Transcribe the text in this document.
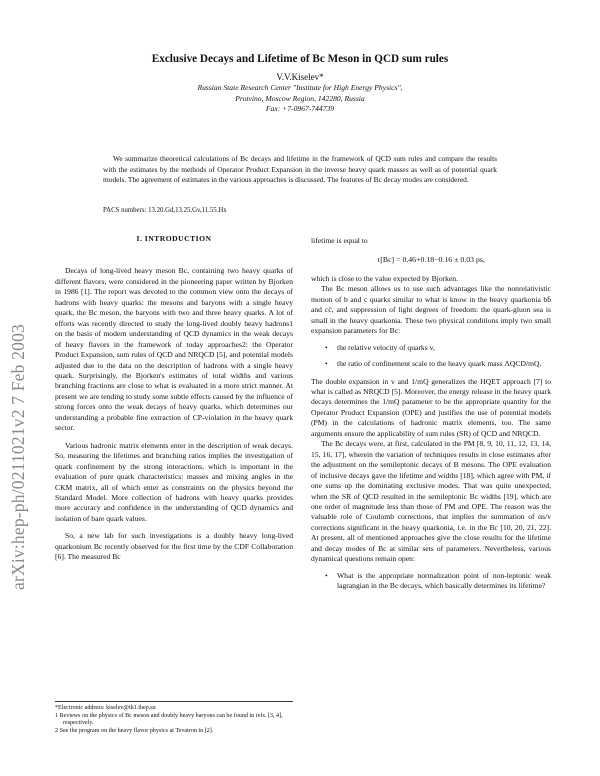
arXiv:hep-ph/0211021v2 7 Feb 2003
Exclusive Decays and Lifetime of Bc Meson in QCD sum rules
V.V.Kiselev*
Russian State Research Center "Institute for High Energy Physics",
Protvino, Moscow Region, 142280, Russia
Fax: +7-0967-744739

We summarize theoretical calculations of Bc decays and lifetime in the framework of QCD sum rules and compare the results with the estimates by the methods of Operator Product Expansion in the inverse heavy quark masses as well as of potential quark models. The agreement of estimates in the various approaches is discussed. The features of Bc decay modes are considered.

PACS numbers: 13.20.Gd,13.25.Gv,11.55.Hx
I. INTRODUCTION

Decays of long-lived heavy meson Bc, containing two heavy quarks of different flavors, were considered in the pioneering paper written by Bjorken in 1986 [1]. The report was devoted to the common view onto the decays of hadrons with heavy quarks: the mesons and baryons with a single heavy quark, the Bc meson, the baryons with two and three heavy quarks. A lot of efforts was recently directed to study the long-lived doubly heavy hadrons1 on the basis of modern understanding of QCD dynamics in the weak decays of heavy flavors in the framework of today approaches2: the Operator Product Expansion, sum rules of QCD and NRQCD [5], and potential models adjusted due to the data on the description of hadrons with a single heavy quark. Surprisingly, the Bjorken's estimates of total widths and various branching fractions are close to what is evaluated in a more strict manner. At present we are tending to study some subtle effects caused by the influence of strong forces onto the weak decays of heavy quarks, which determines our understanding a probable fine extraction of CP-violation in the heavy quark sector.

Various hadronic matrix elements enter in the description of weak decays. So, measuring the lifetimes and branching ratios implies the investigation of quark confinement by the strong interactions, which is important in the evaluation of pure quark characteristics: masses and mixing angles in the CKM matrix, all of which enter as constraints on the physics beyond the Standard Model. More collection of hadrons with heavy quarks provides more accuracy and confidence in the understanding of QCD dynamics and isolation of bare quark values.

So, a new lab for such investigations is a doubly heavy long-lived quarkonium Bc recently observed for the first time by the CDF Collaboration [6]. The measured Bc

*Electronic address: kiselev@th1.ihep.su
1 Reviews on the physics of Bc meson and doubly heavy baryons can be found in refs. [3, 4], respectively.
2 See the program on the heavy flavor physics at Tevatron in [2].

lifetime is equal to

τ[Bc] = 0.46+0.18−0.16 ± 0.03 ps,

which is close to the value expected by Bjorken.

The Bc meson allows us to use such advantages like the nonrelativistic motion of b and c quarks similar to what is know in the heavy quarkonia bb̄ and cc̄, and suppression of light degrees of freedom: the quark-gluon sea is small in the heavy quarkonia. These two physical conditions imply two small expansion parameters for Bc:

• the relative velocity of quarks v,
• the ratio of confinement scale to the heavy quark mass ΛQCD/mQ.

The double expansion in v and 1/mQ generalizes the HQET approach [7] to what is called as NRQCD [5]. Moreover, the energy release in the heavy quark decays determines the 1/mQ parameter to be the appropriate quantity for the Operator Product Expansion (OPE) and justifies the use of potential models (PM) in the calculations of hadronic matrix elements, too. The same arguments ensure the applicability of sum rules (SR) of QCD and NRQCD.

The Bc decays were, at first, calculated in the PM [8, 9, 10, 11, 12, 13, 14, 15, 16, 17], wherein the variation of techniques results in close estimates after the adjustment on the semileptonic decays of B mesons. The OPE evaluation of inclusive decays gave the lifetime and widths [18], which agree with PM, if one sums up the dominating exclusive modes. That was quite unexpected, when the SR of QCD resulted in the semileptonic Bc widths [19], which are one order of magnitude less than those of PM and OPE. The reason was the valuable role of Coulomb corrections, that implies the summation of αs/v corrections significant in the heavy quarkonia, i.e. in the Bc [10, 20, 21, 22]. At present, all of mentioned approaches give the close results for the lifetime and decay modes of Bc at similar sets of parameters. Nevertheless, various dynamical questions remain open:

• What is the appropriate normalization point of non-leptonic weak lagrangian in the Bc decays, which basically determines its lifetime?
